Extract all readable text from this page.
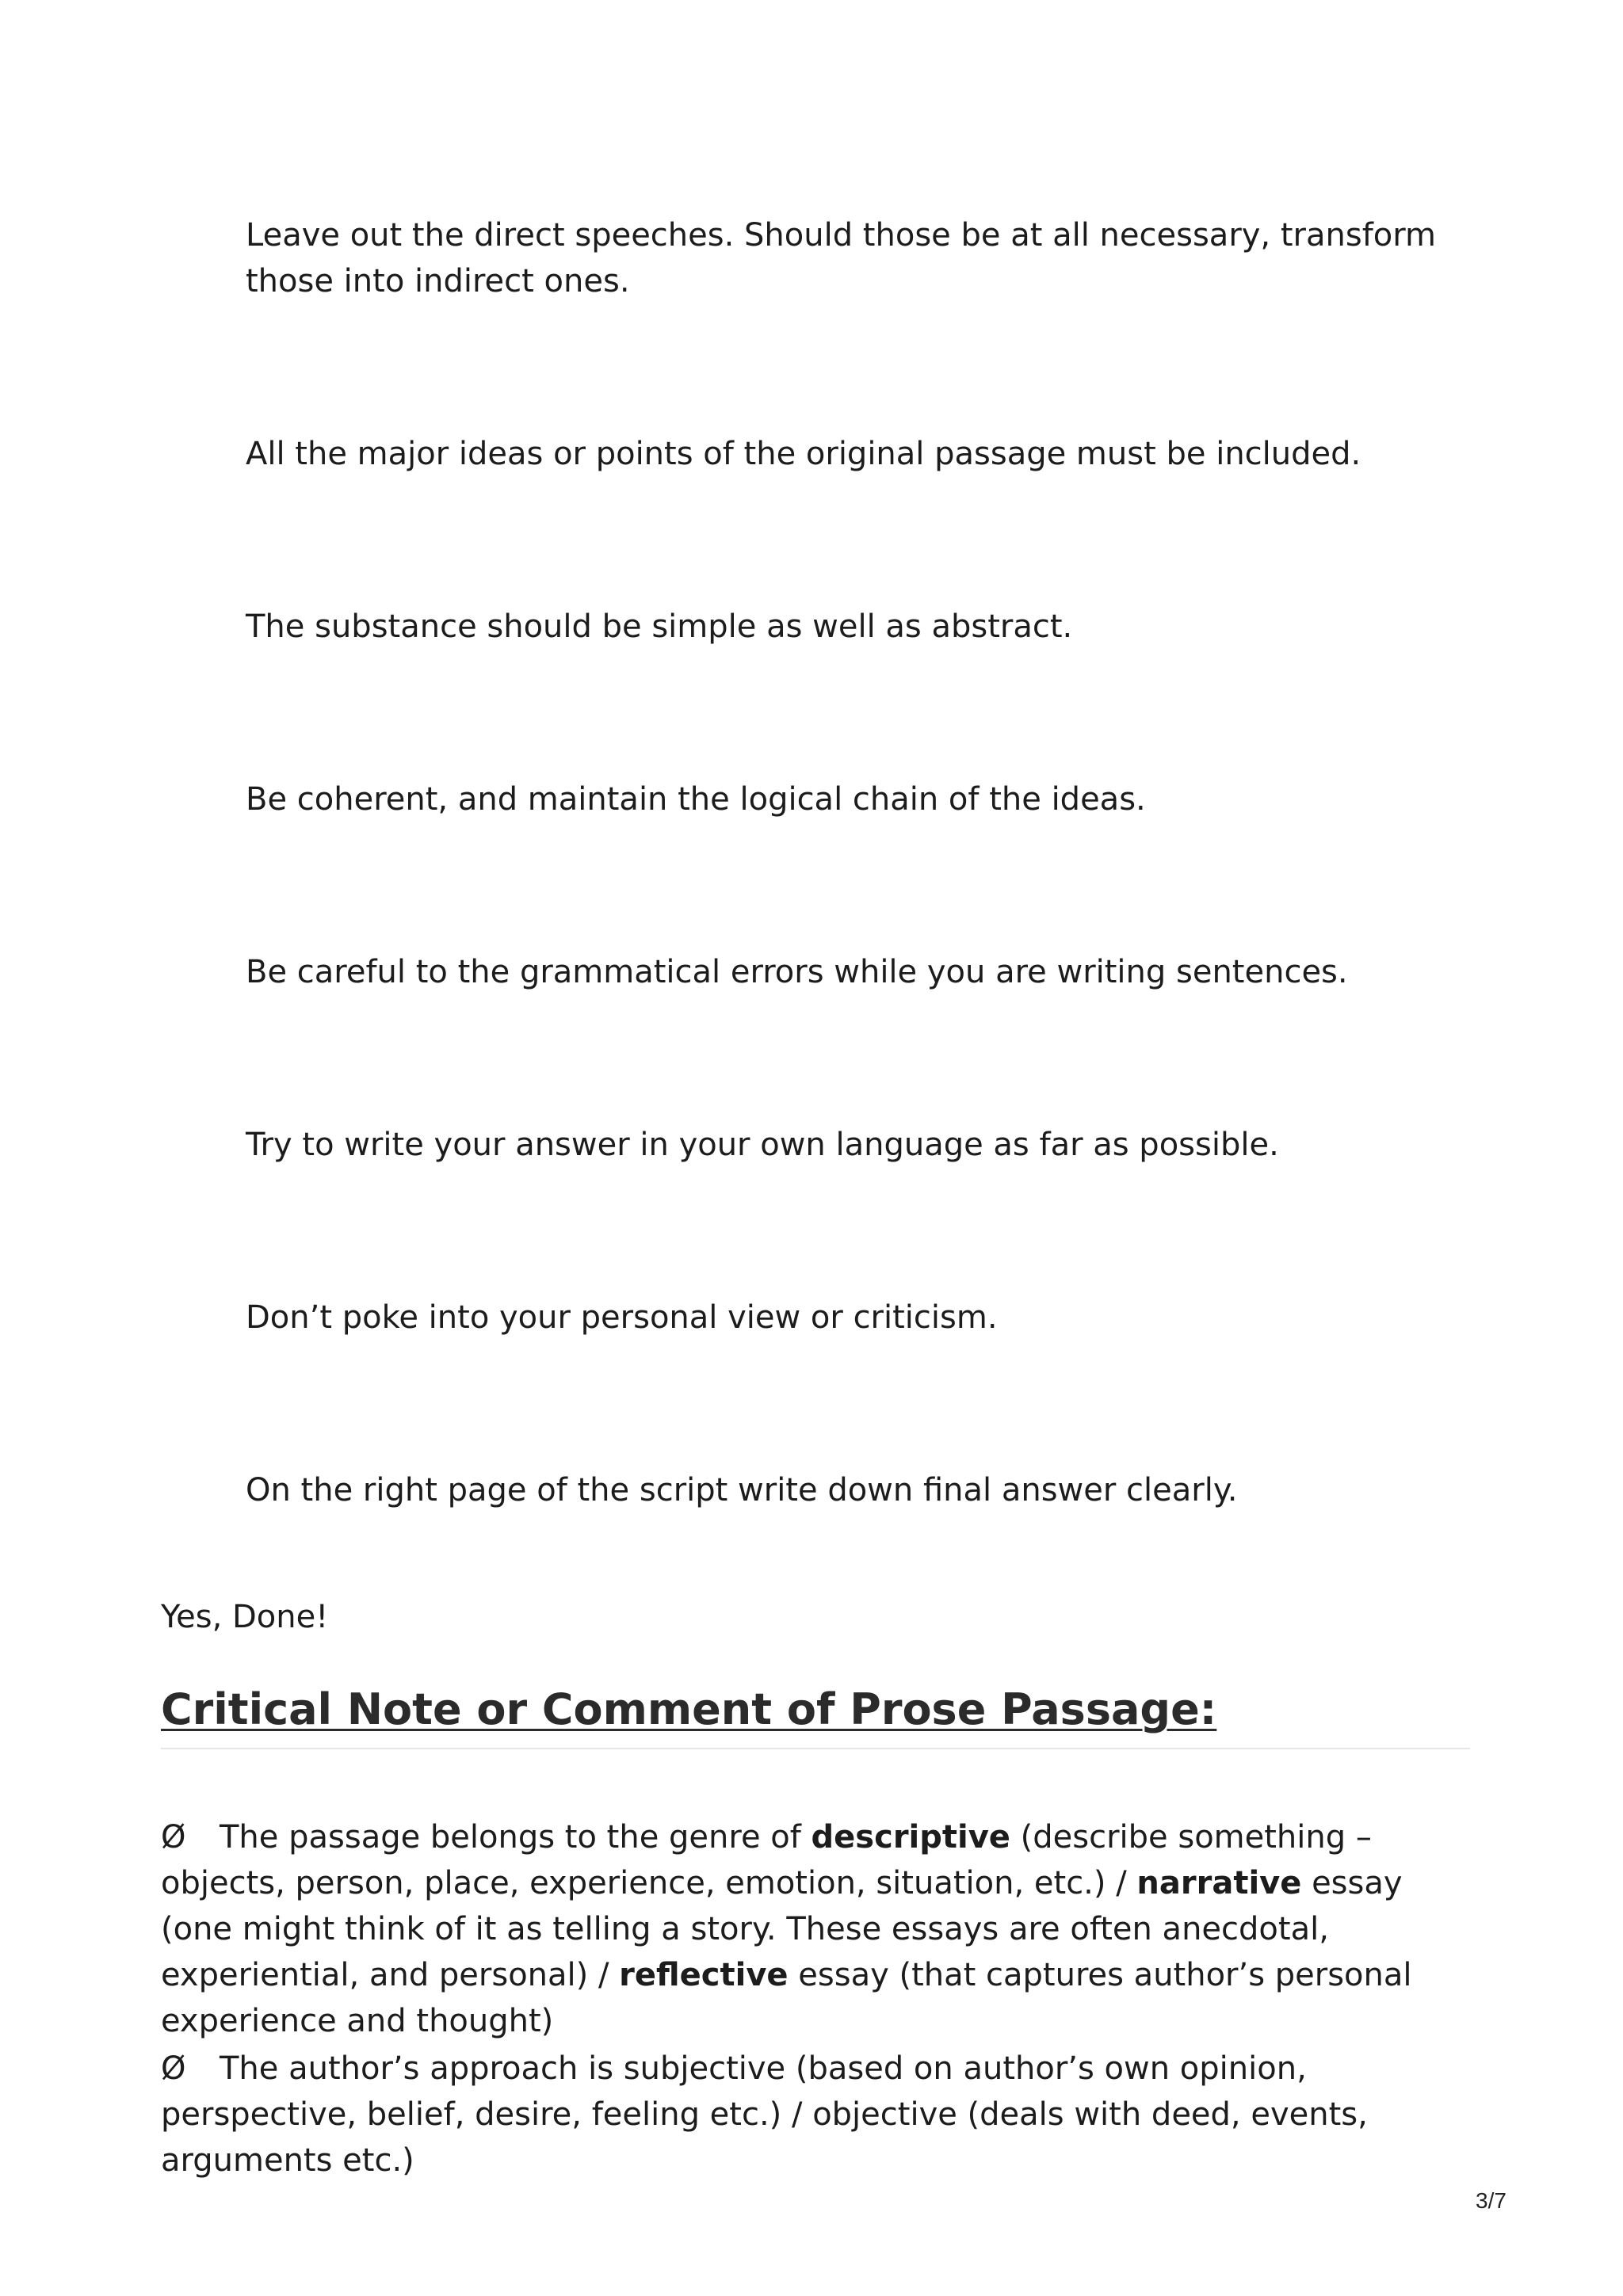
Leave out the direct speeches. Should those be at all necessary, transform those into indirect ones.

All the major ideas or points of the original passage must be included.

The substance should be simple as well as abstract.

Be coherent, and maintain the logical chain of the ideas.

Be careful to the grammatical errors while you are writing sentences.

Try to write your answer in your own language as far as possible.

Don’t poke into your personal view or criticism.

On the right page of the script write down final answer clearly.

Yes, Done!

Critical Note or Comment of Prose Passage:

Ø The passage belongs to the genre of descriptive (describe something – objects, person, place, experience, emotion, situation, etc.) / narrative essay (one might think of it as telling a story. These essays are often anecdotal, experiential, and personal) / reflective essay (that captures author’s personal experience and thought)

Ø The author’s approach is subjective (based on author’s own opinion, perspective, belief, desire, feeling etc.) / objective (deals with deed, events, arguments etc.)

3/7
